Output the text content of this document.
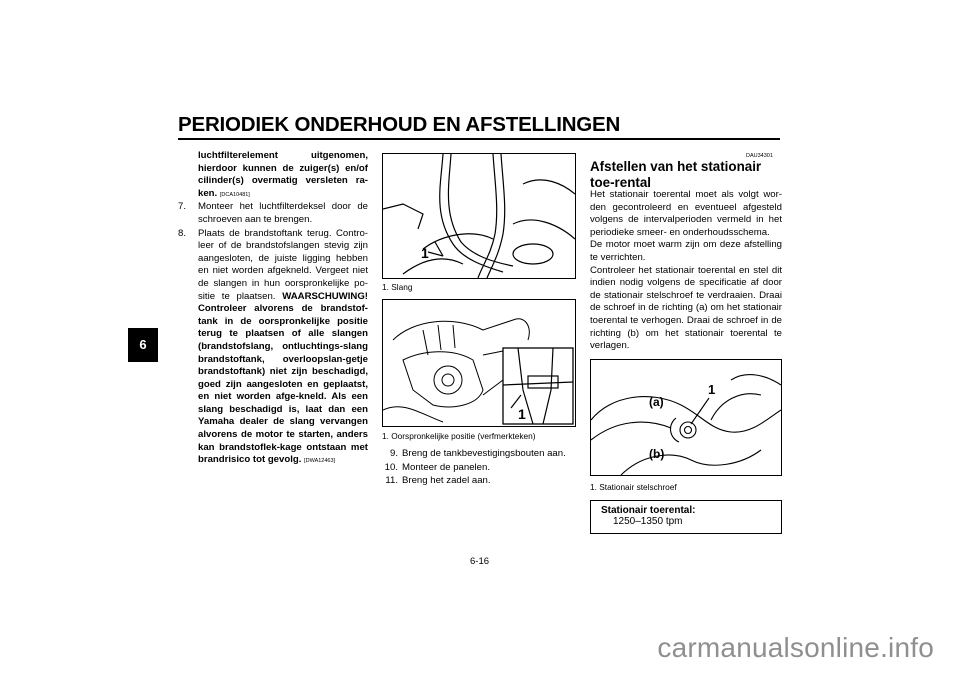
PERIODIEK ONDERHOUD EN AFSTELLINGEN
6
luchtfilterelement uitgenomen, hierdoor kunnen de zuiger(s) en/of cilinder(s) overmatig versleten ra-ken. [DCA10481]
7.	Monteer het luchtfilterdeksel door de schroeven aan te brengen.
8.	Plaats de brandstoftank terug. Contro-leer of de brandstofslangen stevig zijn aangesloten, de juiste ligging hebben en niet worden afgekneld. Vergeet niet de slangen in hun oorspronkelijke po-sitie te plaatsen. WAARSCHUWING! Controleer alvorens de brandstof-tank in de oorspronkelijke positie terug te plaatsen of alle slangen (brandstofslang, ontluchtings-slang brandstoftank, overloopslan-getje brandstoftank) niet zijn beschadigd, goed zijn aangesloten en geplaatst, en niet worden afge-kneld. Als een slang beschadigd is, laat dan een Yamaha dealer de slang vervangen alvorens de motor te starten, anders kan brandstoflek-kage ontstaan met brandrisico tot gevolg. [DWA12463]
1
1. Slang
1
1. Oorspronkelijke positie (verfmerkteken)
9. Breng de tankbevestigingsbouten aan.
10. Monteer de panelen.
11. Breng het zadel aan.
DAU34301
Afstellen van het stationair toe-rental
Het stationair toerental moet als volgt wor-den gecontroleerd en eventueel afgesteld volgens de intervalperioden vermeld in het periodieke smeer- en onderhoudsschema.
De motor moet warm zijn om deze afstelling te verrichten.
Controleer het stationair toerental en stel dit indien nodig volgens de specificatie af door de stationair stelschroef te verdraaien. Draai de schroef in de richting (a) om het stationair toerental te verhogen. Draai de schroef in de richting (b) om het stationair toerental te verlagen.
1
(a)
(b)
1. Stationair stelschroef
Stationair toerental:
1250–1350 tpm
6-16
carmanualsonline.info
